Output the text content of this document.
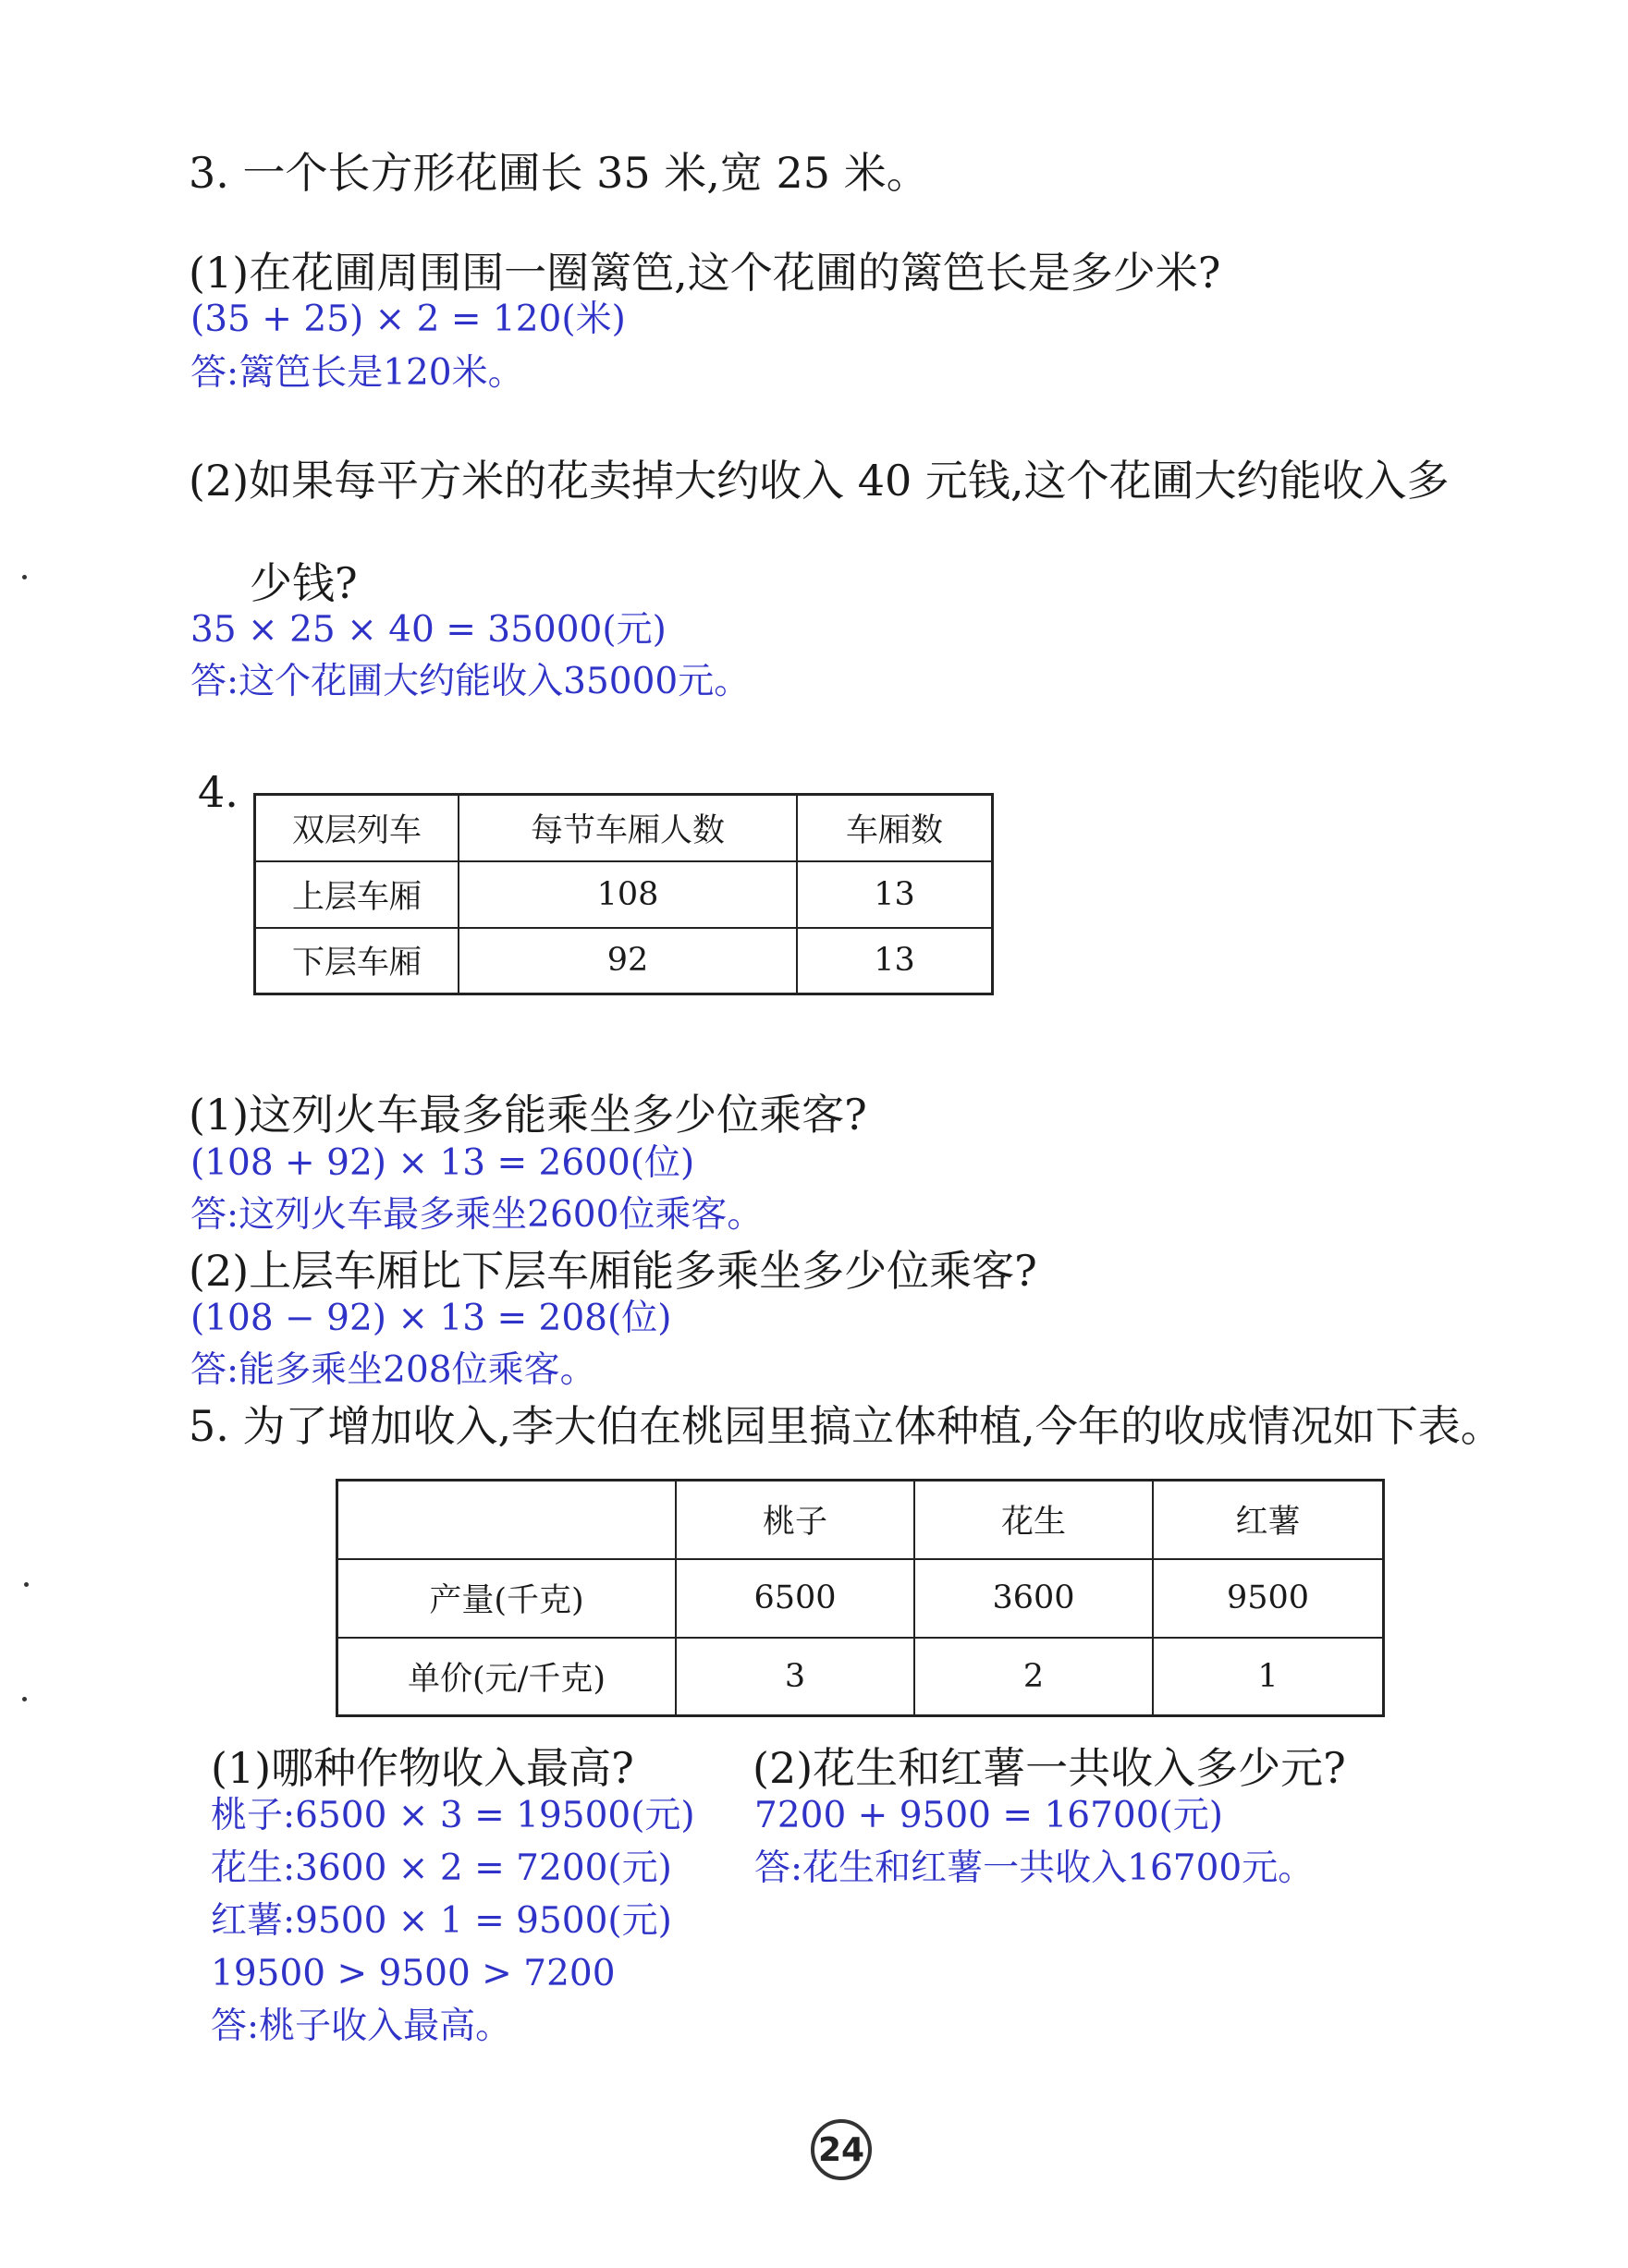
3. 一个长方形花圃长 35 米,宽 25 米。
(1)在花圃周围围一圈篱笆,这个花圃的篱笆长是多少米?
(35 + 25) × 2 = 120(米)
答:篱笆长是120米。
(2)如果每平方米的花卖掉大约收入 40 元钱,这个花圃大约能收入多
少钱?
35 × 25 × 40 = 35000(元)
答:这个花圃大约能收入35000元。
4.
双层列车	每节车厢人数	车厢数
上层车厢	108	13
下层车厢	92	13
(1)这列火车最多能乘坐多少位乘客?
(108 + 92) × 13 = 2600(位)
答:这列火车最多乘坐2600位乘客。
(2)上层车厢比下层车厢能多乘坐多少位乘客?
(108 − 92) × 13 = 208(位)
答:能多乘坐208位乘客。
5. 为了增加收入,李大伯在桃园里搞立体种植,今年的收成情况如下表。
	桃子	花生	红薯
产量(千克)	6500	3600	9500
单价(元/千克)	3	2	1
(1)哪种作物收入最高?	(2)花生和红薯一共收入多少元?
桃子:6500 × 3 = 19500(元)
花生:3600 × 2 = 7200(元)
红薯:9500 × 1 = 9500(元)
19500 > 9500 > 7200
答:桃子收入最高。
7200 + 9500 = 16700(元)
答:花生和红薯一共收入16700元。
24
